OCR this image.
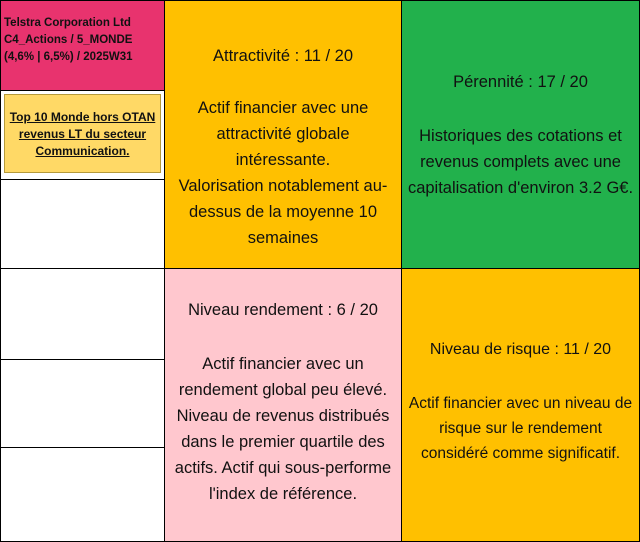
Telstra Corporation Ltd
C4_Actions / 5_MONDE
(4,6% | 6,5%) / 2025W31
Top 10 Monde hors OTAN
revenus LT du secteur
Communication.
Attractivité : 11 / 20
Actif financier avec une
attractivité globale intéressante.
Valorisation notablement au-
dessus de la moyenne 10
semaines
Pérennité : 17 / 20
Historiques des cotations et
revenus complets avec une
capitalisation d'environ 3.2 G€.
Niveau rendement : 6 / 20
Actif financier avec un
rendement global peu élevé.
Niveau de revenus distribués
dans le premier quartile des
actifs. Actif qui sous-performe
l'index de référence.
Niveau de risque : 11 / 20
Actif financier avec un niveau de
risque sur le rendement
considéré comme significatif.
